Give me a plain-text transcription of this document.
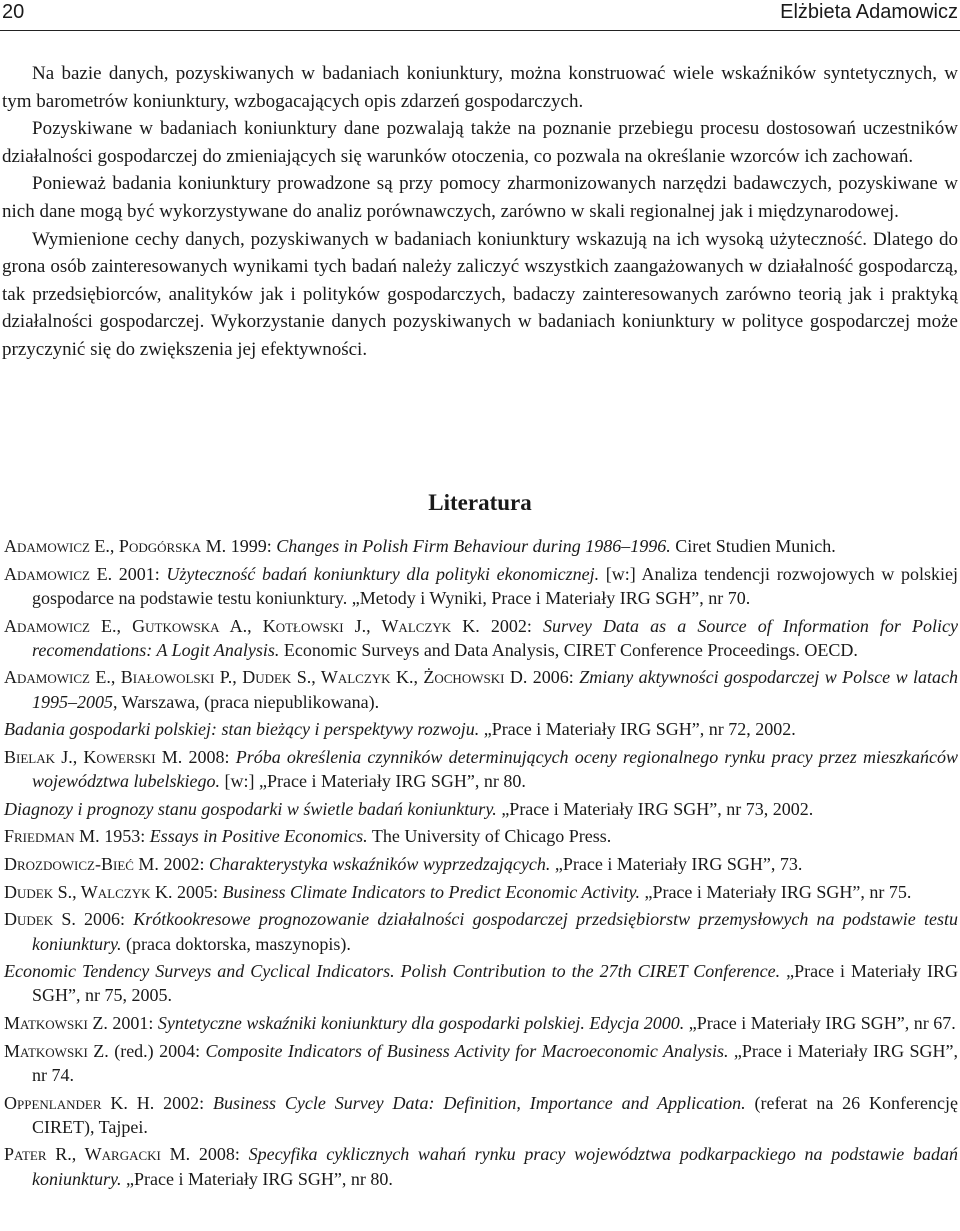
20	Elżbieta Adamowicz

Na bazie danych, pozyskiwanych w badaniach koniunktury, można konstruować wiele wskaźników syntetycznych, w tym barometrów koniunktury, wzbogacających opis zdarzeń gospodarczych.

Pozyskiwane w badaniach koniunktury dane pozwalają także na poznanie przebiegu procesu dostosowań uczestników działalności gospodarczej do zmieniających się warunków otoczenia, co pozwala na określanie wzorców ich zachowań.

Ponieważ badania koniunktury prowadzone są przy pomocy zharmonizowanych narzędzi badawczych, pozyskiwane w nich dane mogą być wykorzystywane do analiz porównawczych, zarówno w skali regionalnej jak i międzynarodowej.

Wymienione cechy danych, pozyskiwanych w badaniach koniunktury wskazują na ich wysoką użyteczność. Dlatego do grona osób zainteresowanych wynikami tych badań należy zaliczyć wszystkich zaangażowanych w działalność gospodarczą, tak przedsiębiorców, analityków jak i polityków gospodarczych, badaczy zainteresowanych zarówno teorią jak i praktyką działalności gospodarczej. Wykorzystanie danych pozyskiwanych w badaniach koniunktury w polityce gospodarczej może przyczynić się do zwiększenia jej efektywności.

Literatura

Adamowicz E., Podgórska M. 1999: Changes in Polish Firm Behaviour during 1986–1996. Ciret Studien Munich.

Adamowicz E. 2001: Użyteczność badań koniunktury dla polityki ekonomicznej. [w:] Analiza tendencji rozwojowych w polskiej gospodarce na podstawie testu koniunktury. „Metody i Wyniki, Prace i Materiały IRG SGH”, nr 70.

Adamowicz E., Gutkowska A., Kotłowski J., Walczyk K. 2002: Survey Data as a Source of Information for Policy recomendations: A Logit Analysis. Economic Surveys and Data Analysis, CIRET Conference Proceedings. OECD.

Adamowicz E., Białowolski P., Dudek S., Walczyk K., Żochowski D. 2006: Zmiany aktywności gospodarczej w Polsce w latach 1995–2005, Warszawa, (praca niepublikowana).

Badania gospodarki polskiej: stan bieżący i perspektywy rozwoju. „Prace i Materiały IRG SGH”, nr 72, 2002.

Bielak J., Kowerski M. 2008: Próba określenia czynników determinujących oceny regionalnego rynku pracy przez mieszkańców województwa lubelskiego. [w:] „Prace i Materiały IRG SGH”, nr 80.

Diagnozy i prognozy stanu gospodarki w świetle badań koniunktury. „Prace i Materiały IRG SGH”, nr 73, 2002.

Friedman M. 1953: Essays in Positive Economics. The University of Chicago Press.

Drozdowicz-Bieć M. 2002: Charakterystyka wskaźników wyprzedzających. „Prace i Materiały IRG SGH”, 73.

Dudek S., Walczyk K. 2005: Business Climate Indicators to Predict Economic Activity. „Prace i Materiały IRG SGH”, nr 75.

Dudek S. 2006: Krótkookresowe prognozowanie działalności gospodarczej przedsiębiorstw przemysłowych na podstawie testu koniunktury. (praca doktorska, maszynopis).

Economic Tendency Surveys and Cyclical Indicators. Polish Contribution to the 27th CIRET Conference. „Prace i Materiały IRG SGH”, nr 75, 2005.

Matkowski Z. 2001: Syntetyczne wskaźniki koniunktury dla gospodarki polskiej. Edycja 2000. „Prace i Materiały IRG SGH”, nr 67.

Matkowski Z. (red.) 2004: Composite Indicators of Business Activity for Macroeconomic Analysis. „Prace i Materiały IRG SGH”, nr 74.

Oppenlander K. H. 2002: Business Cycle Survey Data: Definition, Importance and Application. (referat na 26 Konferencję CIRET), Tajpei.

Pater R., Wargacki M. 2008: Specyfika cyklicznych wahań rynku pracy województwa podkarpackiego na podstawie badań koniunktury. „Prace i Materiały IRG SGH”, nr 80.
